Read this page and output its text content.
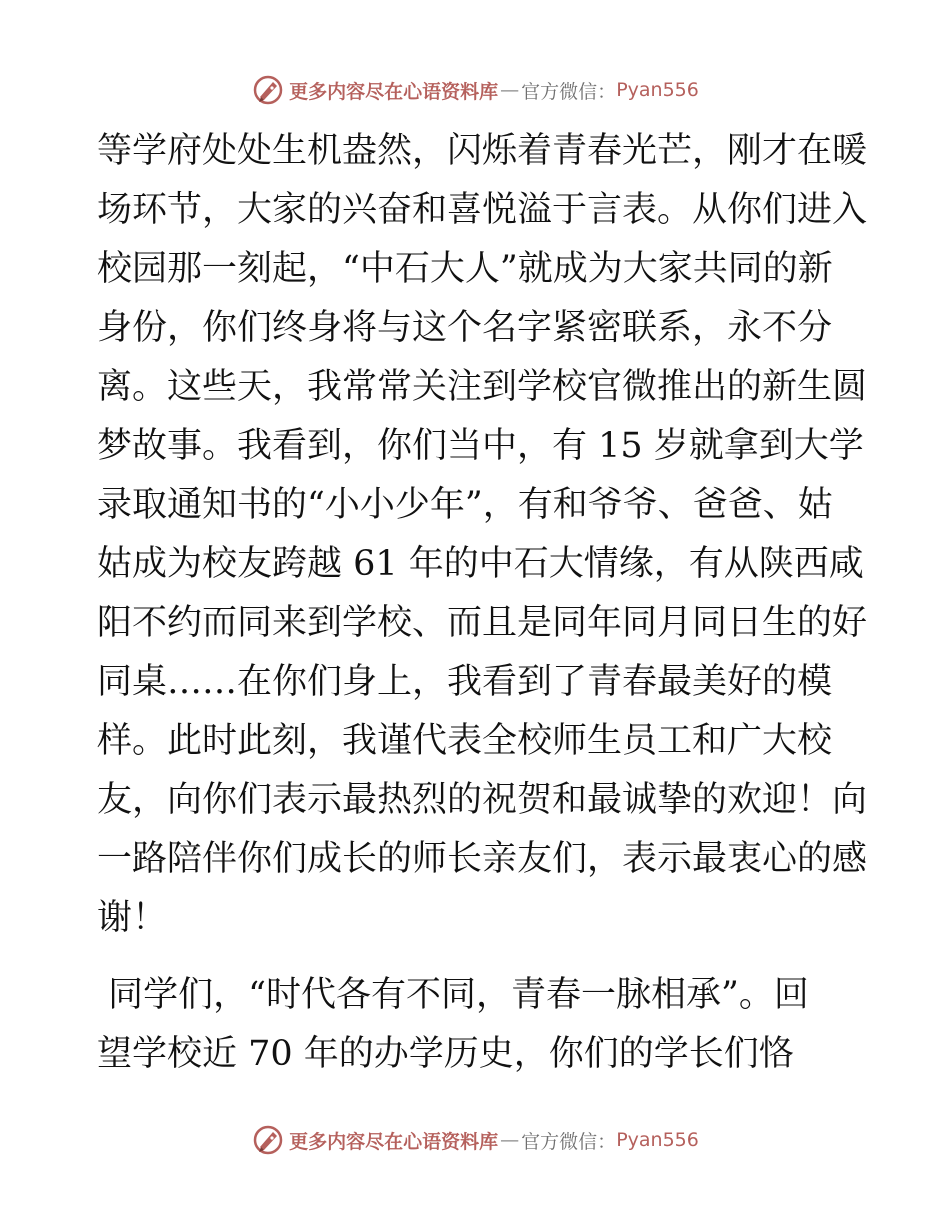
更多内容尽在心语资料库 — 官方微信： Pyan556
等学府处处生机盎然，闪烁着青春光芒，刚才在暖
场环节，大家的兴奋和喜悦溢于言表。从你们进入
校园那一刻起，“中石大人”就成为大家共同的新
身份，你们终身将与这个名字紧密联系，永不分
离。这些天，我常常关注到学校官微推出的新生圆
梦故事。我看到，你们当中，有 15 岁就拿到大学
录取通知书的“小小少年”，有和爷爷、爸爸、姑
姑成为校友跨越 61 年的中石大情缘，有从陕西咸
阳不约而同来到学校、而且是同年同月同日生的好
同桌……在你们身上，我看到了青春最美好的模
样。此时此刻，我谨代表全校师生员工和广大校
友，向你们表示最热烈的祝贺和最诚挚的欢迎！向
一路陪伴你们成长的师长亲友们，表示最衷心的感
谢！
同学们，“时代各有不同，青春一脉相承”。回
望学校近 70 年的办学历史，你们的学长们恪
更多内容尽在心语资料库 — 官方微信： Pyan556
